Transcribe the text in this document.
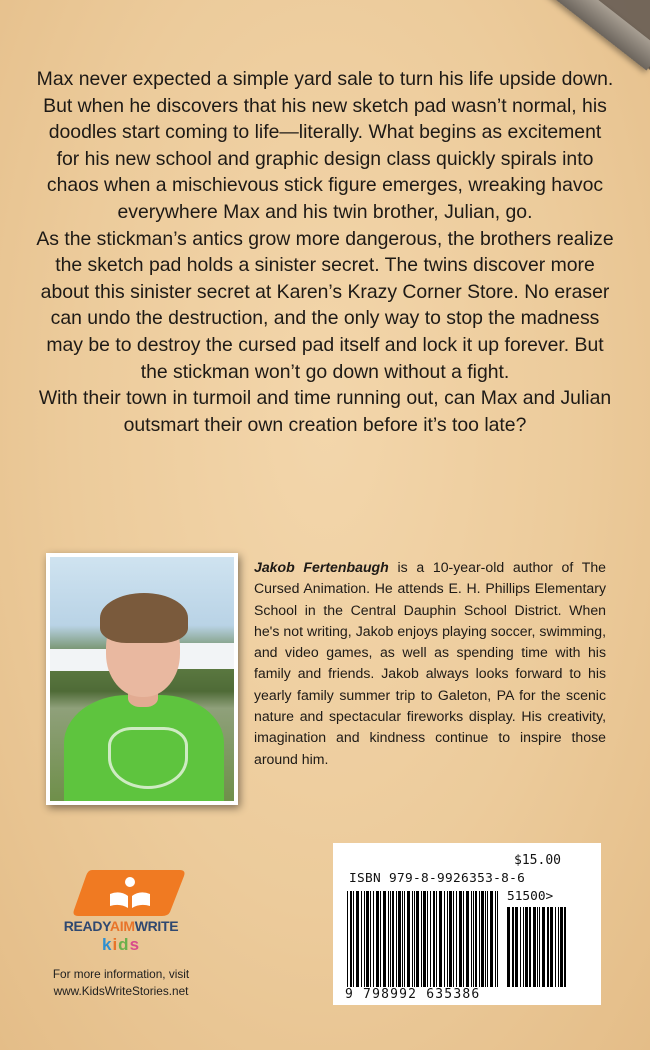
Max never expected a simple yard sale to turn his life upside down. But when he discovers that his new sketch pad wasn’t normal, his doodles start coming to life—literally. What begins as excitement for his new school and graphic design class quickly spirals into chaos when a mischievous stick figure emerges, wreaking havoc everywhere Max and his twin brother, Julian, go.

As the stickman’s antics grow more dangerous, the brothers realize the sketch pad holds a sinister secret. The twins discover more about this sinister secret at Karen’s Krazy Corner Store. No eraser can undo the destruction, and the only way to stop the madness may be to destroy the cursed pad itself and lock it up forever. But the stickman won’t go down without a fight.

With their town in turmoil and time running out, can Max and Julian outsmart their own creation before it’s too late?

Jakob Fertenbaugh is a 10-year-old author of The Cursed Animation. He attends E. H. Phillips Elementary School in the Central Dauphin School District. When he's not writing, Jakob enjoys playing soccer, swimming, and video games, as well as spending time with his family and friends. Jakob always looks forward to his yearly family summer trip to Galeton, PA for the scenic nature and spectacular fireworks display. His creativity, imagination and kindness continue to inspire those around him.
READYAIMWRITE
kids
For more information, visit
www.KidsWriteStories.net
$15.00
ISBN 979-8-9926353-8-6
51500>
9 798992 635386
